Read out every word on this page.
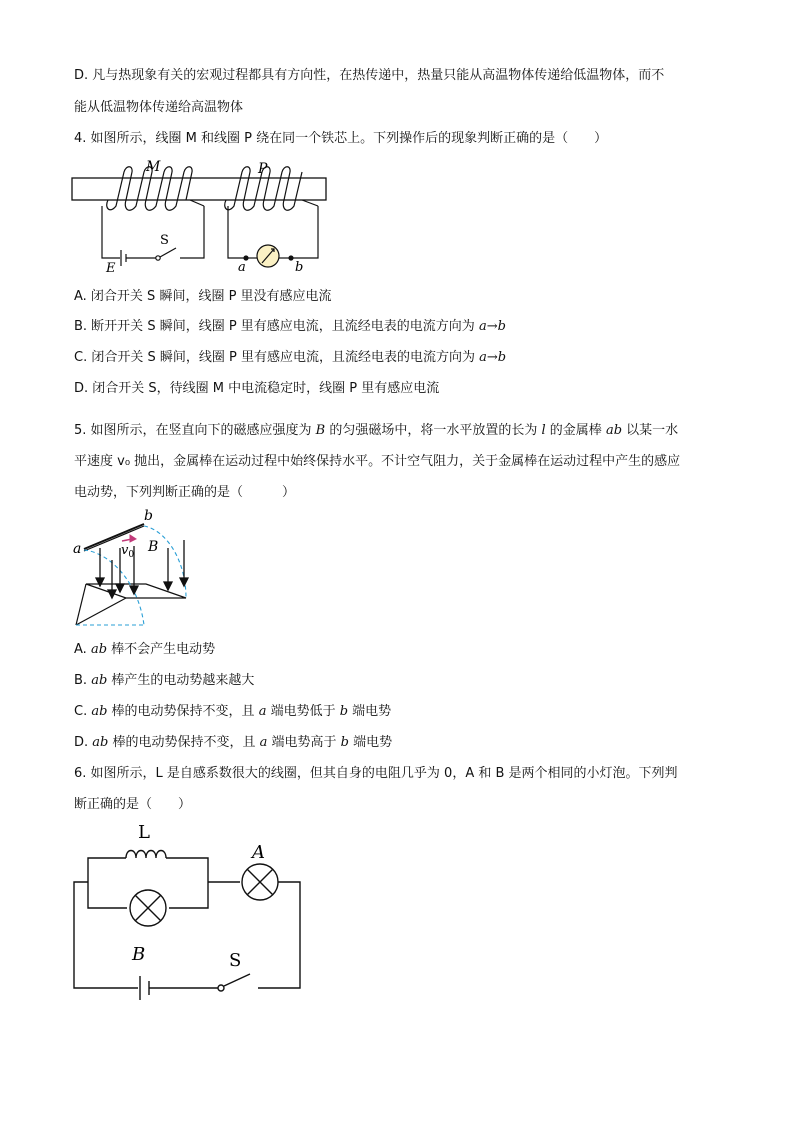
D. 凡与热现象有关的宏观过程都具有方向性，在热传递中，热量只能从高温物体传递给低温物体，而不
能从低温物体传递给高温物体
4. 如图所示，线圈 M 和线圈 P 绕在同一个铁芯上。下列操作后的现象判断正确的是（　　）
M	P
S
E	a	b
A. 闭合开关 S 瞬间，线圈 P 里没有感应电流
B. 断开开关 S 瞬间，线圈 P 里有感应电流，且流经电表的电流方向为 a→b
C. 闭合开关 S 瞬间，线圈 P 里有感应电流，且流经电表的电流方向为 a→b
D. 闭合开关 S，待线圈 M 中电流稳定时，线圈 P 里有感应电流
5. 如图所示，在竖直向下的磁感应强度为 B 的匀强磁场中，将一水平放置的长为 l 的金属棒 ab 以某一水
平速度 v₀ 抛出，金属棒在运动过程中始终保持水平。不计空气阻力，关于金属棒在运动过程中产生的感应
电动势，下列判断正确的是（　　　）
a
b
$v_0$ B
A. ab 棒不会产生电动势
B. ab 棒产生的电动势越来越大
C. ab 棒的电动势保持不变，且 a 端电势低于 b 端电势
D. ab 棒的电动势保持不变，且 a 端电势高于 b 端电势
6. 如图所示，L 是自感系数很大的线圈，但其自身的电阻几乎为 0，A 和 B 是两个相同的小灯泡。下列判
断正确的是（　　）
L
A
B	S
